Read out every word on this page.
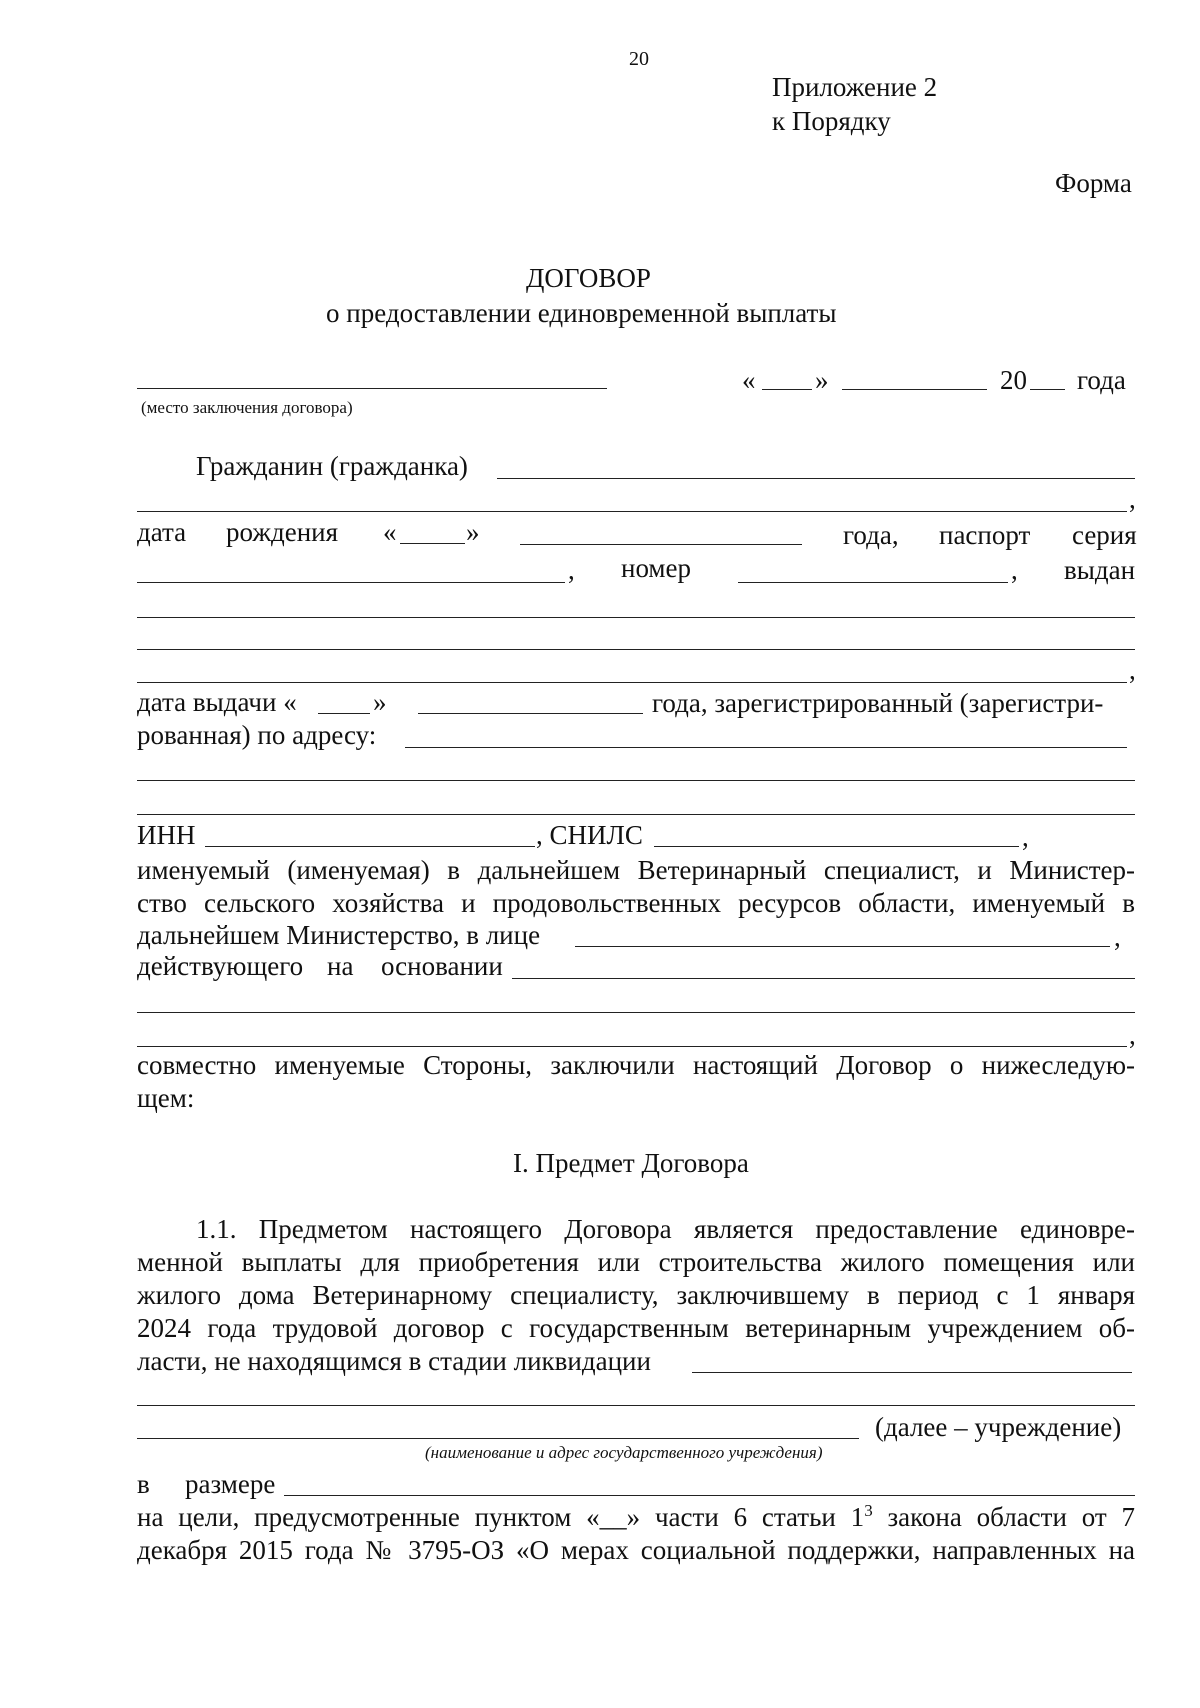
20
Приложение 2
к Порядку
Форма
ДОГОВОР
о предоставлении единовременной выплаты
(место заключения договора)
« »	20 года
Гражданин (гражданка)
,
дата рождения «	»	года, паспорт серия
, номер	, выдан
,
дата выдачи «	»	года, зарегистрированный (зарегистри-
рованная) по адресу:
ИНН	, СНИЛС	,
именуемый (именуемая) в дальнейшем Ветеринарный специалист, и Министер-
ство сельского хозяйства и продовольственных ресурсов области, именуемый в
дальнейшем Министерство, в лице	,
действующего на основании
,
совместно именуемые Стороны, заключили настоящий Договор о нижеследую-
щем:
I. Предмет Договора
1.1. Предметом настоящего Договора является предоставление единовре-
менной выплаты для приобретения или строительства жилого помещения или
жилого дома Ветеринарному специалисту, заключившему в период с 1 января
2024 года трудовой договор с государственным ветеринарным учреждением об-
ласти, не находящимся в стадии ликвидации
(далее – учреждение)
(наименование и адрес государственного учреждения)
в размере
на цели, предусмотренные пунктом «__» части 6 статьи $1^3$ закона области от 7
декабря 2015 года № 3795-ОЗ «О мерах социальной поддержки, направленных на
